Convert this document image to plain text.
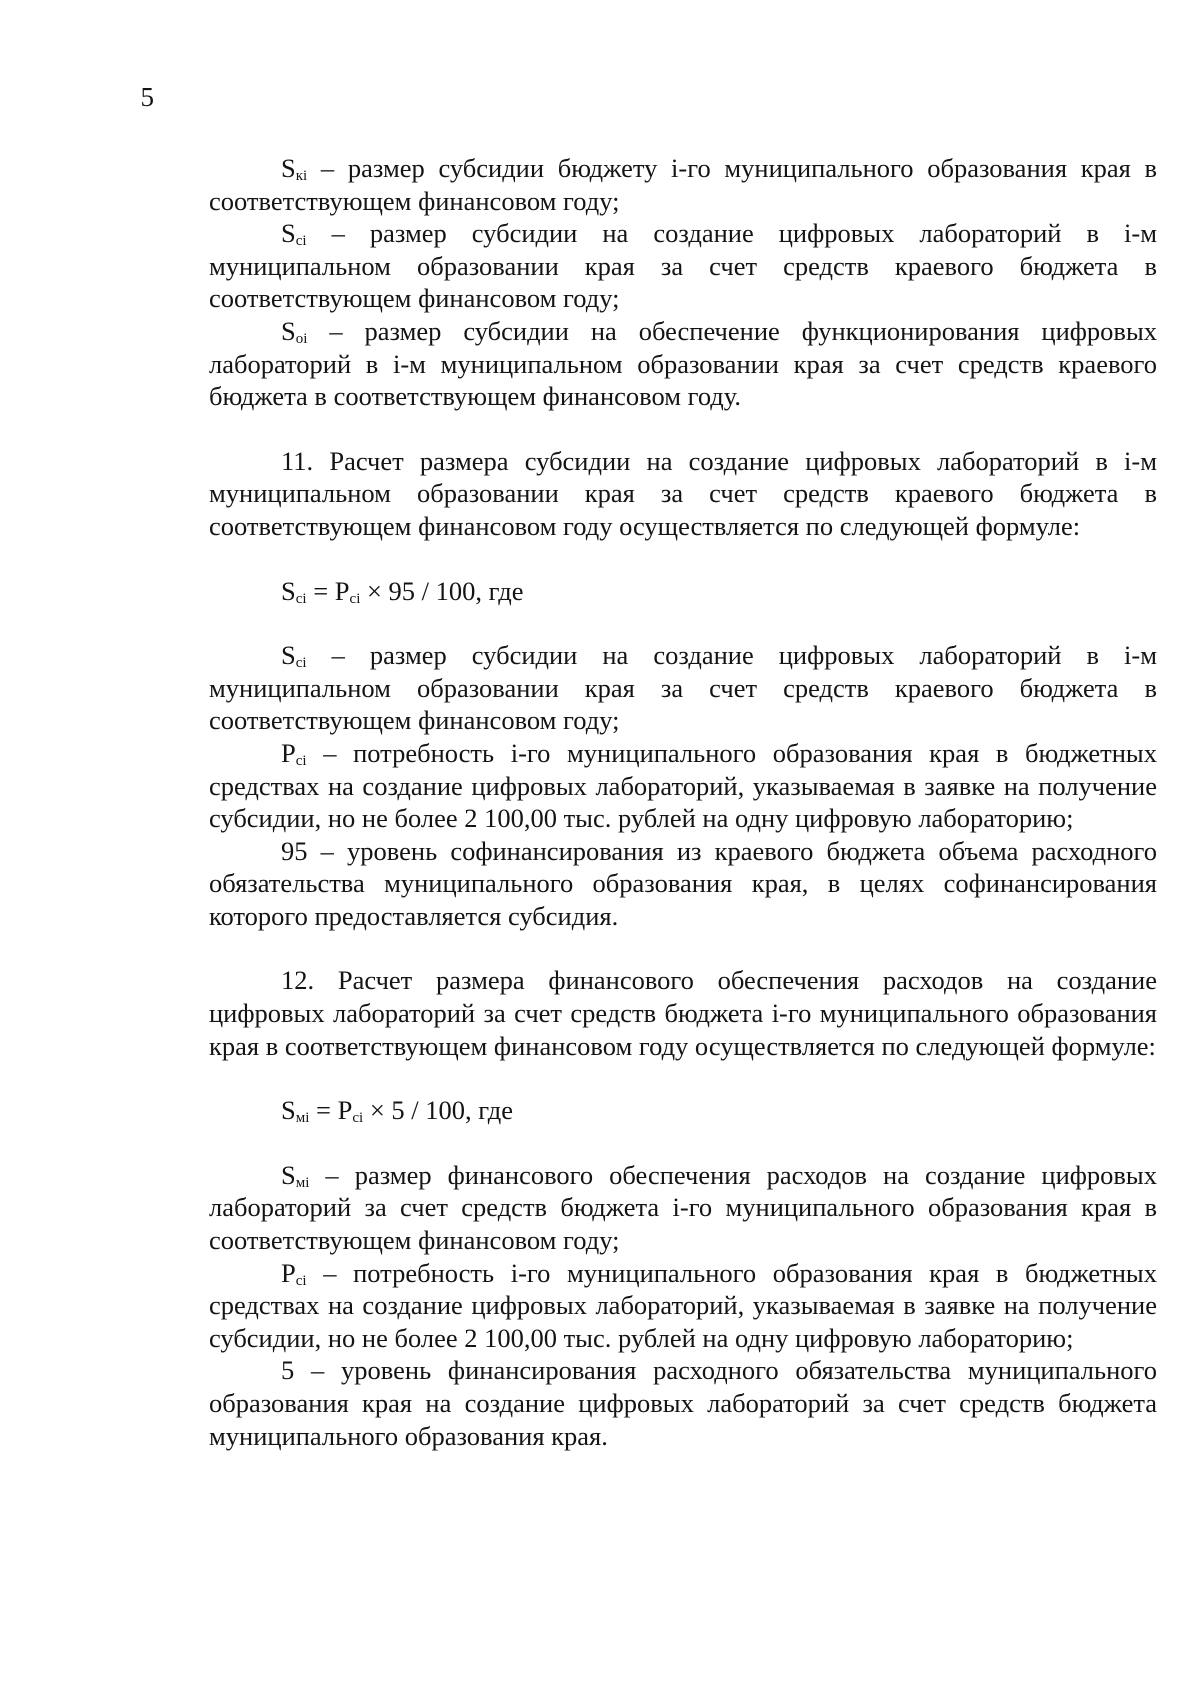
5

$S_{кi}$ – размер субсидии бюджету i-го муниципального образования края в соответствующем финансовом году;

$S_{ci}$ – размер субсидии на создание цифровых лабораторий в i-м муниципальном образовании края за счет средств краевого бюджета в соответствующем финансовом году;

$S_{oi}$ – размер субсидии на обеспечение функционирования цифровых лабораторий в i-м муниципальном образовании края за счет средств краевого бюджета в соответствующем финансовом году.

11. Расчет размера субсидии на создание цифровых лабораторий в i-м муниципальном образовании края за счет средств краевого бюджета в соответствующем финансовом году осуществляется по следующей формуле:

$S_{ci} = P_{ci} \times 95 / 100$, где

$S_{ci}$ – размер субсидии на создание цифровых лабораторий в i-м муниципальном образовании края за счет средств краевого бюджета в соответствующем финансовом году;

$P_{ci}$ – потребность i-го муниципального образования края в бюджетных средствах на создание цифровых лабораторий, указываемая в заявке на получение субсидии, но не более 2 100,00 тыс. рублей на одну цифровую лабораторию;

95 – уровень софинансирования из краевого бюджета объема расходного обязательства муниципального образования края, в целях софинансирования которого предоставляется субсидия.

12. Расчет размера финансового обеспечения расходов на создание цифровых лабораторий за счет средств бюджета i-го муниципального образования края в соответствующем финансовом году осуществляется по следующей формуле:

$S_{мi} = P_{ci} \times 5 / 100$, где

$S_{мi}$ – размер финансового обеспечения расходов на создание цифровых лабораторий за счет средств бюджета i-го муниципального образования края в соответствующем финансовом году;

$P_{ci}$ – потребность i-го муниципального образования края в бюджетных средствах на создание цифровых лабораторий, указываемая в заявке на получение субсидии, но не более 2 100,00 тыс. рублей на одну цифровую лабораторию;

5 – уровень финансирования расходного обязательства муниципального образования края на создание цифровых лабораторий за счет средств бюджета муниципального образования края.
